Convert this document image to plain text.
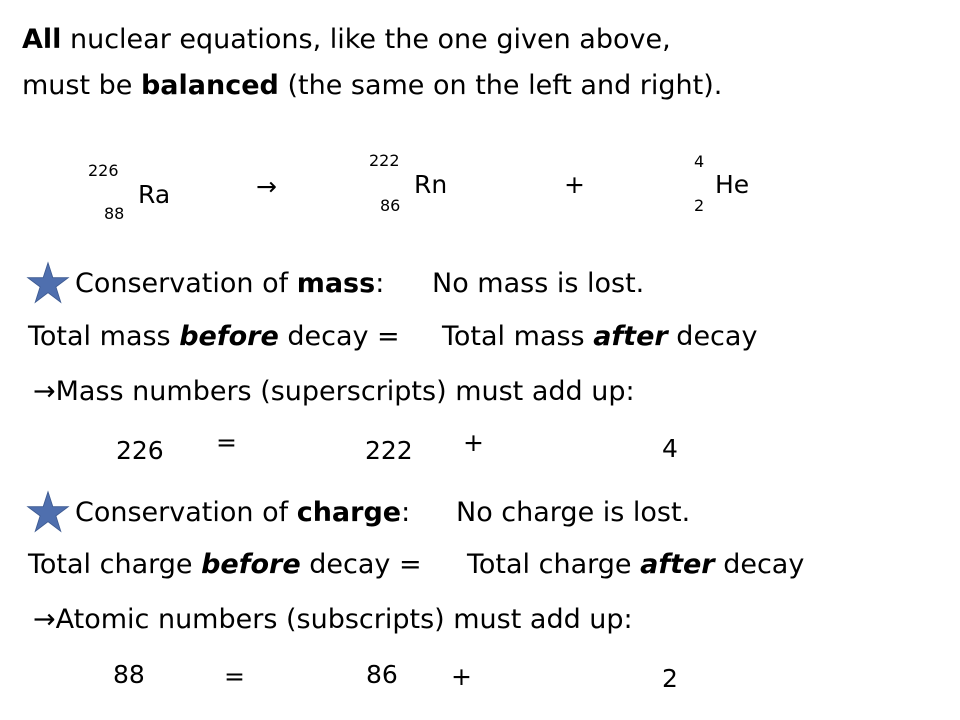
All nuclear equations, like the one given above,
must be balanced (the same on the left and right).
226
88
Ra	→
222
86
Rn	+
4
2
He
Conservation of mass: No mass is lost.
Total mass before decay = Total mass after decay
→Mass numbers (superscripts) must add up:
226 =	222 +	4
Conservation of charge: No charge is lost.
Total charge before decay = Total charge after decay
→Atomic numbers (subscripts) must add up:
88	=	86 +	2
